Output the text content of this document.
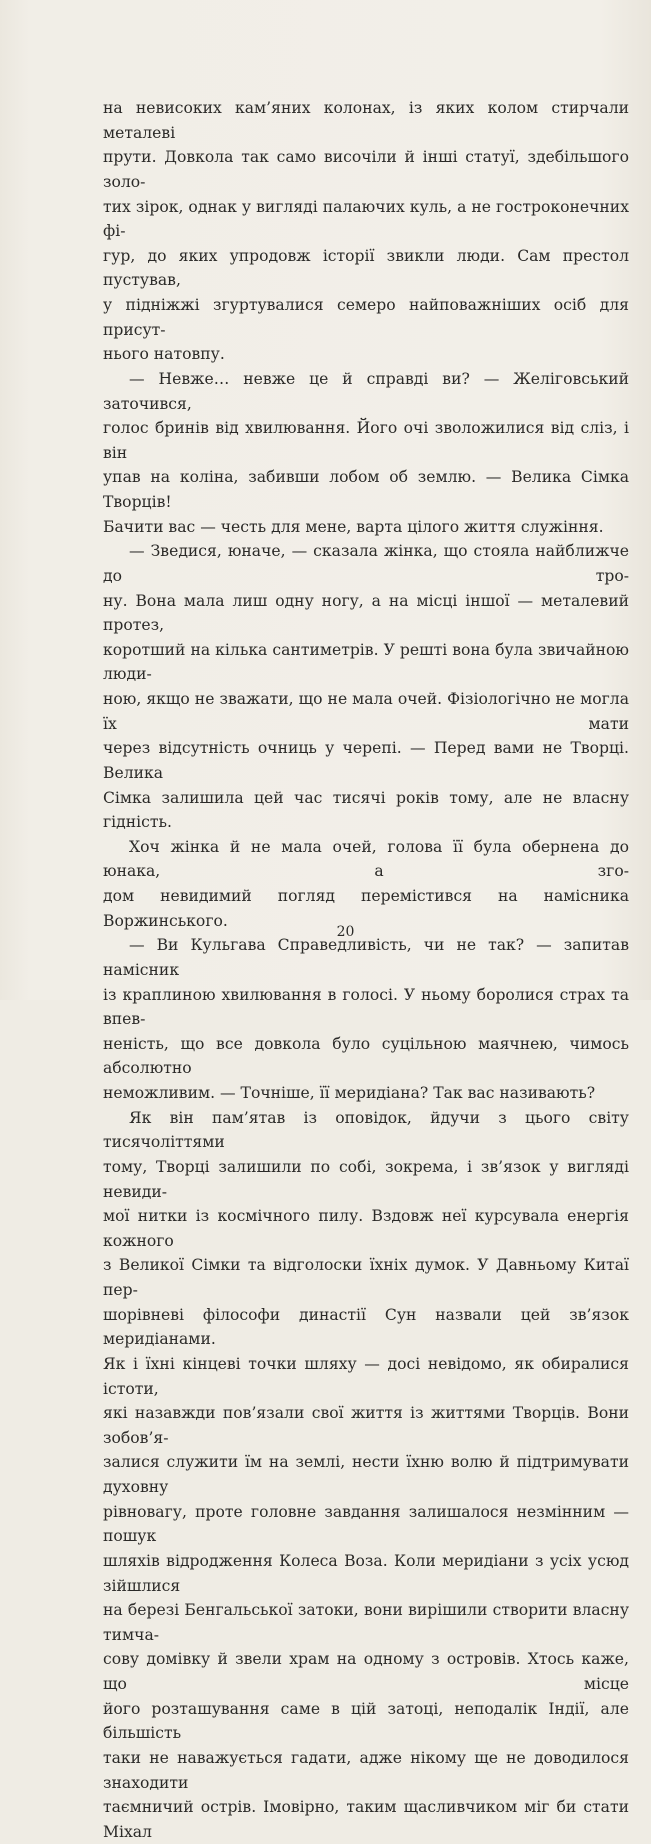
на невисоких кам’яних колонах, із яких колом стирчали металеві

прути. Довкола так само височіли й інші статуї, здебільшого золо-

тих зірок, однак у вигляді палаючих куль, а не гостроконечних фі-

гур, до яких упродовж історії звикли люди. Сам престол пустував,

у підніжжі згуртувалися семеро найповажніших осіб для присут-

нього натовпу.

— Невже… невже це й справді ви? — Желіговський заточився,

голос бринів від хвилювання. Його очі зволожилися від сліз, і він

упав на коліна, забивши лобом об землю. — Велика Сімка Творців!

Бачити вас — честь для мене, варта цілого життя служіння.

— Зведися, юначе, — сказала жінка, що стояла найближче до тро-

ну. Вона мала лиш одну ногу, а на місці іншої — металевий протез,

коротший на кілька сантиметрів. У решті вона була звичайною люди-

ною, якщо не зважати, що не мала очей. Фізіологічно не могла їх мати

через відсутність очниць у черепі. — Перед вами не Творці. Велика

Сімка залишила цей час тисячі років тому, але не власну гідність.

Хоч жінка й не мала очей, голова її була обернена до юнака, а зго-

дом невидимий погляд перемістився на намісника Воржинського.

— Ви Кульгава Справедливість, чи не так? — запитав намісник

із краплиною хвилювання в голосі. У ньому боролися страх та впев-

неність, що все довкола було суцільною маячнею, чимось абсолютно

неможливим. — Точніше, її меридіана? Так вас називають?

Як він пам’ятав із оповідок, йдучи з цього світу тисячоліттями

тому, Творці залишили по собі, зокрема, і зв’язок у вигляді невиди-

мої нитки із космічного пилу. Вздовж неї курсувала енергія кожного

з Великої Сімки та відголоски їхніх думок. У Давньому Китаї пер-

шорівневі філософи династії Сун назвали цей зв’язок меридіанами.

Як і їхні кінцеві точки шляху — досі невідомо, як обиралися істоти,

які назавжди пов’язали свої життя із життями Творців. Вони зобов’я-

залися служити їм на землі, нести їхню волю й підтримувати духовну

рівновагу, проте головне завдання залишалося незмінним — пошук

шляхів відродження Колеса Воза. Коли меридіани з усіх усюд зійшлися

на березі Бенгальської затоки, вони вирішили створити власну тимча-

сову домівку й звели храм на одному з островів. Хтось каже, що місце

його розташування саме в цій затоці, неподалік Індії, але більшість

таки не наважується гадати, адже нікому ще не доводилося знаходити

таємничий острів. Імовірно, таким щасливчиком міг би стати Міхал

20
